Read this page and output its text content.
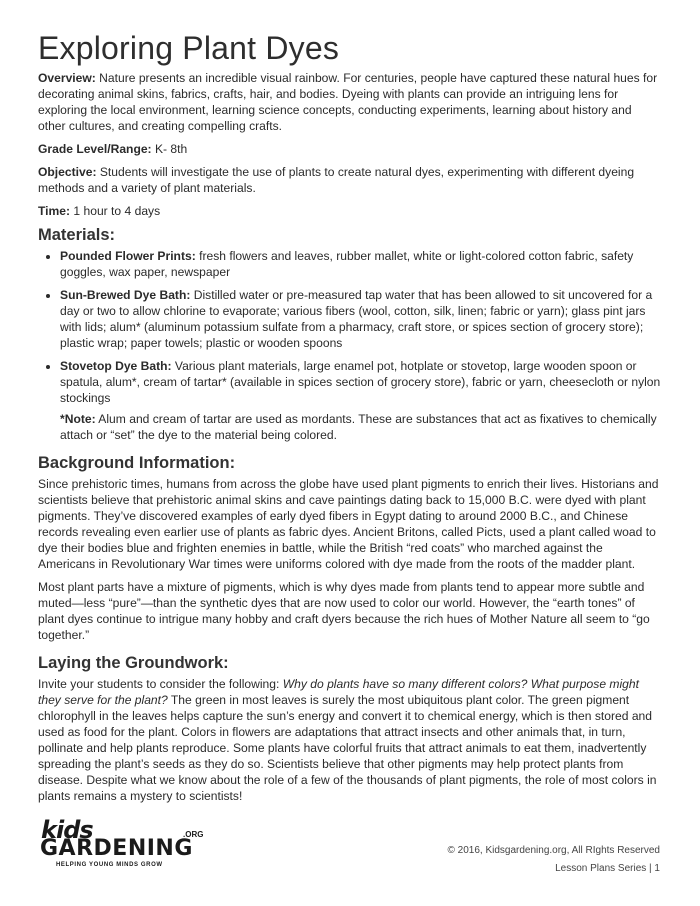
Exploring Plant Dyes

Overview: Nature presents an incredible visual rainbow. For centuries, people have captured these natural hues for decorating animal skins, fabrics, crafts, hair, and bodies. Dyeing with plants can provide an intriguing lens for exploring the local environment, learning science concepts, conducting experiments, learning about history and other cultures, and creating compelling crafts.

Grade Level/Range: K- 8th

Objective: Students will investigate the use of plants to create natural dyes, experimenting with different dyeing methods and a variety of plant materials.

Time: 1 hour to 4 days

Materials:
• Pounded Flower Prints: fresh flowers and leaves, rubber mallet, white or light-colored cotton fabric, safety goggles, wax paper, newspaper
• Sun-Brewed Dye Bath: Distilled water or pre-measured tap water that has been allowed to sit uncovered for a day or two to allow chlorine to evaporate; various fibers (wool, cotton, silk, linen; fabric or yarn); glass pint jars with lids; alum* (aluminum potassium sulfate from a pharmacy, craft store, or spices section of grocery store); plastic wrap; paper towels; plastic or wooden spoons
• Stovetop Dye Bath: Various plant materials, large enamel pot, hotplate or stovetop, large wooden spoon or spatula, alum*, cream of tartar* (available in spices section of grocery store), fabric or yarn, cheesecloth or nylon stockings

*Note: Alum and cream of tartar are used as mordants. These are substances that act as fixatives to chemically attach or “set” the dye to the material being colored.

Background Information:

Since prehistoric times, humans from across the globe have used plant pigments to enrich their lives. Historians and scientists believe that prehistoric animal skins and cave paintings dating back to 15,000 B.C. were dyed with plant pigments. They’ve discovered examples of early dyed fibers in Egypt dating to around 2000 B.C., and Chinese records revealing even earlier use of plants as fabric dyes. Ancient Britons, called Picts, used a plant called woad to dye their bodies blue and frighten enemies in battle, while the British “red coats” who marched against the Americans in Revolutionary War times were uniforms colored with dye made from the roots of the madder plant.

Most plant parts have a mixture of pigments, which is why dyes made from plants tend to appear more subtle and muted—less “pure”—than the synthetic dyes that are now used to color our world. However, the “earth tones” of plant dyes continue to intrigue many hobby and craft dyers because the rich hues of Mother Nature all seem to “go together.”

Laying the Groundwork:

Invite your students to consider the following: Why do plants have so many different colors? What purpose might they serve for the plant? The green in most leaves is surely the most ubiquitous plant color. The green pigment chlorophyll in the leaves helps capture the sun’s energy and convert it to chemical energy, which is then stored and used as food for the plant. Colors in flowers are adaptations that attract insects and other animals that, in turn, pollinate and help plants reproduce. Some plants have colorful fruits that attract animals to eat them, inadvertently spreading the plant’s seeds as they do so. Scientists believe that other pigments may help protect plants from disease. Despite what we know about the role of a few of the thousands of plant pigments, the role of most colors in plants remains a mystery to scientists!

kids	.ORG
GARDENING
HELPING YOUNG MINDS GROW
© 2016, Kidsgardening.org, All RIghts Reserved
Lesson Plans Series | 1
